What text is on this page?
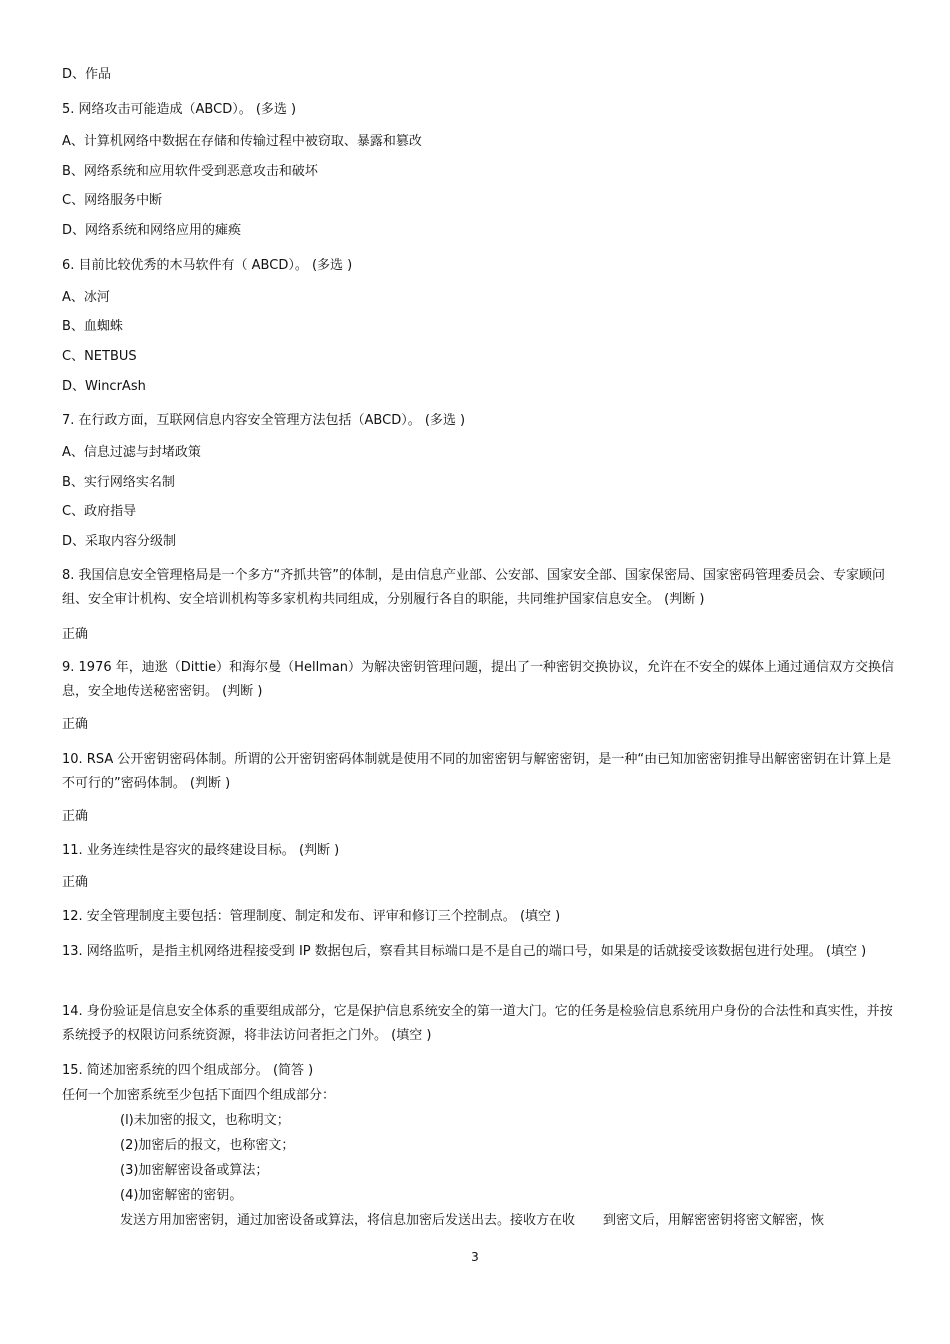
D、作品
5. 网络攻击可能造成（ABCD）。 (多选 )
A、计算机网络中数据在存储和传输过程中被窃取、暴露和篡改
B、网络系统和应用软件受到恶意攻击和破坏
C、网络服务中断
D、网络系统和网络应用的瘫痪
6. 目前比较优秀的木马软件有（ ABCD）。 (多选 )
A、冰河
B、血蜘蛛
C、NETBUS
D、WincrAsh
7. 在行政方面，互联网信息内容安全管理方法包括（ABCD）。 (多选 )
A、信息过滤与封堵政策
B、实行网络实名制
C、政府指导
D、采取内容分级制
8. 我国信息安全管理格局是一个多方“齐抓共管”的体制，是由信息产业部、公安部、国家安全部、国家保密局、国家密码管理委员会、专家顾问组、安全审计机构、安全培训机构等多家机构共同组成，分别履行各自的职能，共同维护国家信息安全。 (判断 )
正确
9. 1976 年，迪逖（Dittie）和海尔曼（Hellman）为解决密钥管理问题，提出了一种密钥交换协议，允许在不安全的媒体上通过通信双方交换信息，安全地传送秘密密钥。 (判断 )
正确
10. RSA 公开密钥密码体制。所谓的公开密钥密码体制就是使用不同的加密密钥与解密密钥，是一种“由已知加密密钥推导出解密密钥在计算上是不可行的”密码体制。 (判断 )
正确
11. 业务连续性是容灾的最终建设目标。 (判断 )
正确
12. 安全管理制度主要包括：管理制度、制定和发布、评审和修订三个控制点。 (填空 )
13. 网络监听，是指主机网络进程接受到 IP 数据包后，察看其目标端口是不是自己的端口号，如果是的话就接受该数据包进行处理。 (填空 )
14. 身份验证是信息安全体系的重要组成部分，它是保护信息系统安全的第一道大门。它的任务是检验信息系统用户身份的合法性和真实性，并按系统授予的权限访问系统资源，将非法访问者拒之门外。 (填空 )
15. 简述加密系统的四个组成部分。 (简答 )
任何一个加密系统至少包括下面四个组成部分：
(l)未加密的报文，也称明文；
(2)加密后的报文，也称密文；
(3)加密解密设备或算法；
(4)加密解密的密钥。
发送方用加密密钥，通过加密设备或算法，将信息加密后发送出去。接收方在收 到密文后，用解密密钥将密文解密，恢
3
